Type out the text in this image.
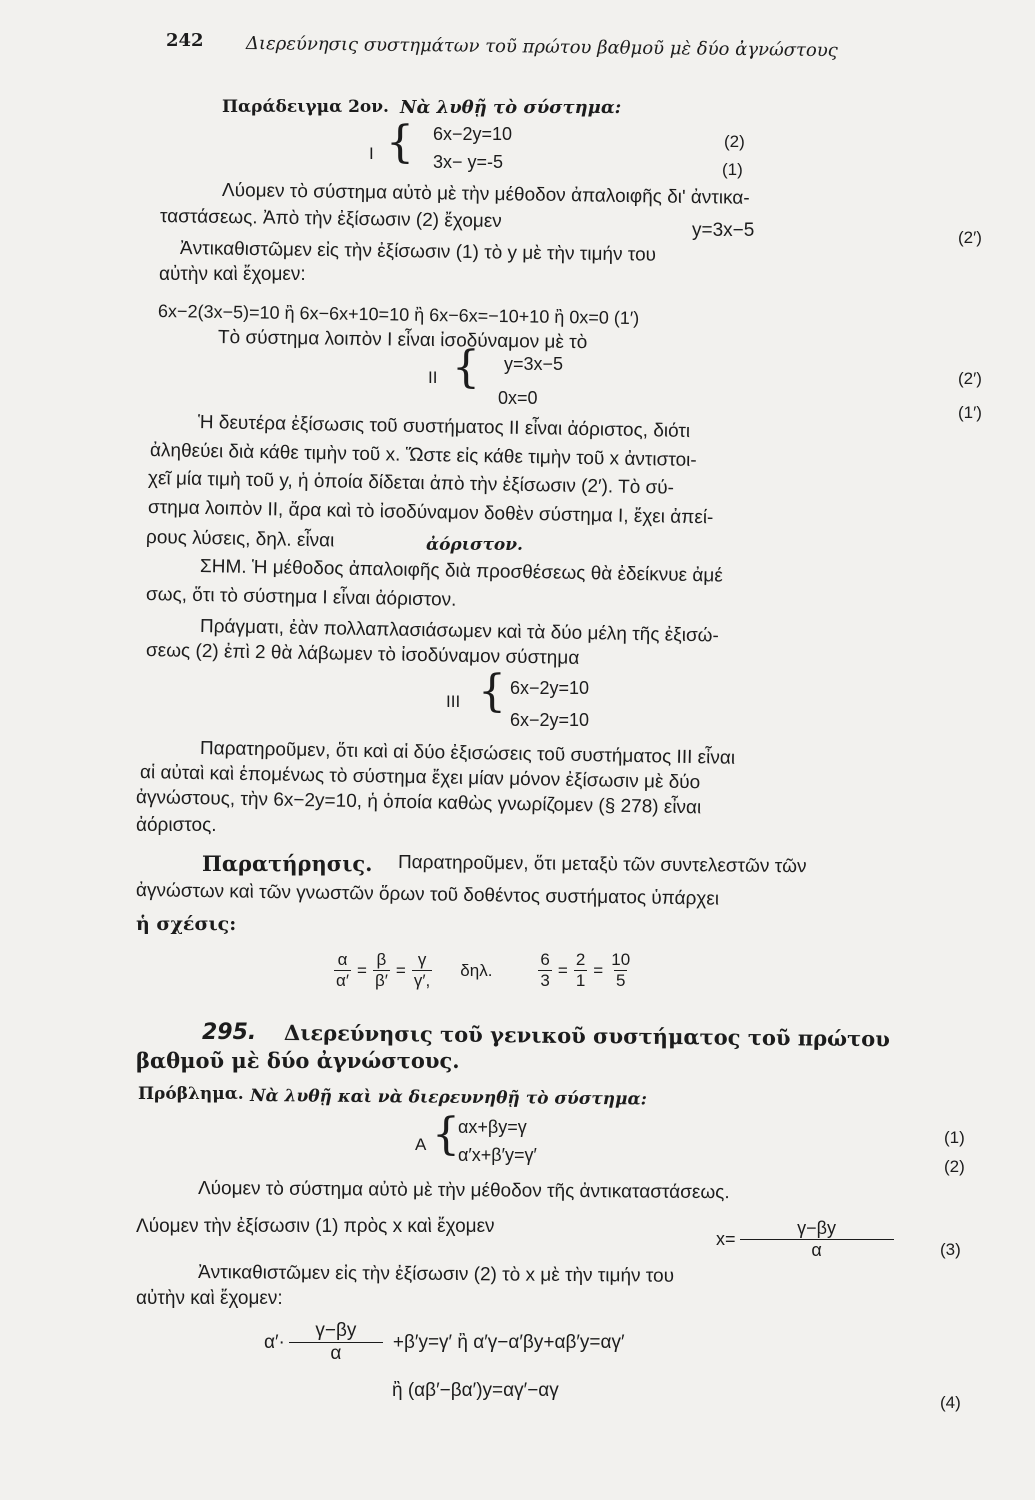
242 Διερεύνησις συστημάτων τοῦ πρώτου βαθμοῦ μὲ δύο ἀγνώστους
Παράδειγμα 2ον. Νὰ λυθῇ τὸ σύστημα:
I { 6x−2y=10	(2)
3x− y=-5	(1)
Λύομεν τὸ σύστημα αὐτὸ μὲ τὴν μέθοδον ἀπαλοιφῆς δι' ἀντικα-
ταστάσεως. Ἀπὸ τὴν ἐξίσωσιν (2) ἔχομεν	y=3x−5	(2′)
Ἀντικαθιστῶμεν εἰς τὴν ἐξίσωσιν (1) τὸ y μὲ τὴν τιμήν του
αὐτὴν καὶ ἔχομεν:
6x−2(3x−5)=10 ἢ 6x−6x+10=10 ἢ 6x−6x=−10+10 ἢ 0x=0 (1′)
Τὸ σύστημα λοιπὸν I εἶναι ἰσοδύναμον μὲ τὸ
II { y=3x−5
(2′)
0x=0
(1′)
Ἡ δευτέρα ἐξίσωσις τοῦ συστήματος II εἶναι ἀόριστος, διότι
ἀληθεύει διὰ κάθε τιμὴν τοῦ x. Ὥστε εἰς κάθε τιμὴν τοῦ x ἀντιστοι-
χεῖ μία τιμὴ τοῦ y, ἡ ὁποία δίδεται ἀπὸ τὴν ἐξίσωσιν (2′). Τὸ σύ-
στημα λοιπὸν II, ἄρα καὶ τὸ ἰσοδύναμον δοθὲν σύστημα I, ἔχει ἀπεί-
ρους λύσεις, δηλ. εἶναι	ἀόριστον.
ΣΗΜ. Ἡ μέθοδος ἀπαλοιφῆς διὰ προσθέσεως θὰ ἐδείκνυε ἀμέ
σως, ὅτι τὸ σύστημα I εἶναι ἀόριστον.
Πράγματι, ἐὰν πολλαπλασιάσωμεν καὶ τὰ δύο μέλη τῆς ἐξισώ-
σεως (2) ἐπὶ 2 θὰ λάβωμεν τὸ ἰσοδύναμον σύστημα
III { 6x−2y=10
6x−2y=10
Παρατηροῦμεν, ὅτι καὶ αἱ δύο ἐξισώσεις τοῦ συστήματος III εἶναι
αἱ αὐταὶ καὶ ἑπομένως τὸ σύστημα ἔχει μίαν μόνον ἐξίσωσιν μὲ δύο
ἀγνώστους, τὴν 6x−2y=10, ἡ ὁποία καθὼς γνωρίζομεν (§ 278) εἶναι
ἀόριστος.
Παρατήρησις. Παρατηροῦμεν, ὅτι μεταξὺ τῶν συντελεστῶν τῶν
ἀγνώστων καὶ τῶν γνωστῶν ὅρων τοῦ δοθέντος συστήματος ὑπάρχει
ἡ σχέσις:
$\frac{\alpha}{\alpha'} = \frac{\beta}{\beta'} = \frac{\gamma}{\gamma',} \delta\eta\lambda$.	$\frac{6}{3} = \frac{2}{1} = \frac{10}{5}$
295. Διερεύνησις τοῦ γενικοῦ συστήματος τοῦ πρώτου
βαθμοῦ μὲ δύο ἀγνώστους.
Πρόβλημα. Νὰ λυθῇ καὶ νὰ διερευνηθῇ τὸ σύστημα:
A {
αx+βy=γ
(1)
α′x+β′y=γ′
(2)
Λύομεν τὸ σύστημα αὐτὸ μὲ τὴν μέθοδον τῆς ἀντικαταστάσεως.
Λύομεν τὴν ἐξίσωσιν (1) πρὸς x καὶ ἔχομεν
$x= \frac{\gamma-\beta y}{\alpha}$	(3)
Ἀντικαθιστῶμεν εἰς τὴν ἐξίσωσιν (2) τὸ x μὲ τὴν τιμήν του
αὐτὴν καὶ ἔχομεν:
$\alpha'\cdot \frac{\gamma-\beta y}{\alpha} +\beta'y=\gamma'$ ἢ α′γ−α′βy+αβ′y=αγ′
ἢ (αβ′−βα′)y=αγ′−αγ
(4)
